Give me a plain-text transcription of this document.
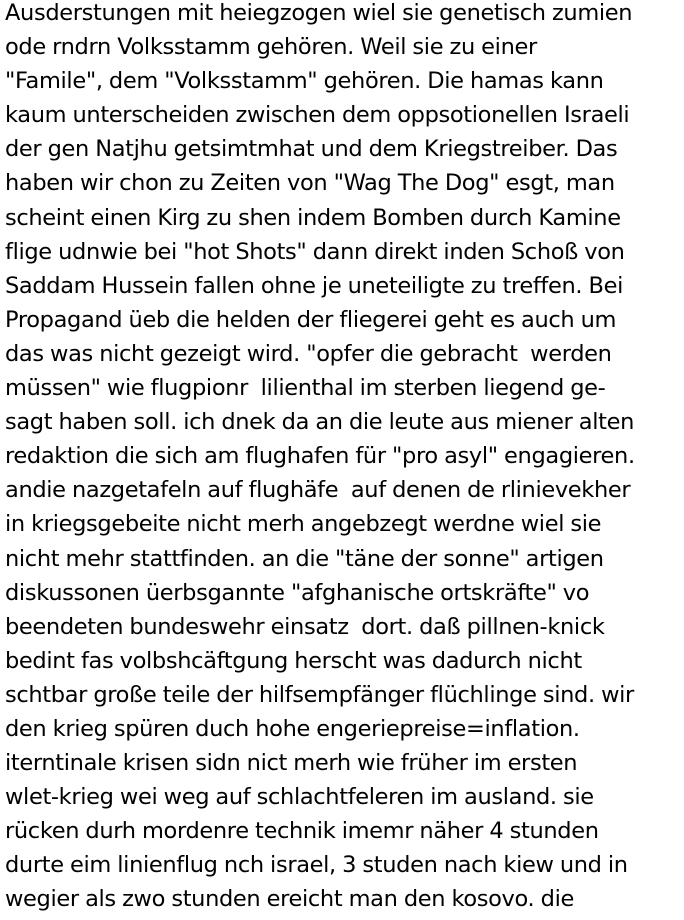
Ausderstungen mit heiegzogen wiel sie genetisch zumien
ode rndrn Volksstamm gehören. Weil sie zu einer
"Famile", dem "Volksstamm" gehören. Die hamas kann
kaum unterscheiden zwischen dem oppsotionellen Israeli
der gen Natjhu getsimtmhat und dem Kriegstreiber. Das
haben wir chon zu Zeiten von "Wag The Dog" esgt, man
scheint einen Kirg zu shen indem Bomben durch Kamine
flige udnwie bei "hot Shots" dann direkt inden Schoß von
Saddam Hussein fallen ohne je uneteiligte zu treffen. Bei
Propagand üeb die helden der fliegerei geht es auch um
das was nicht gezeigt wird. "opfer die gebracht  werden
müssen" wie flugpionr  lilienthal im sterben liegend ge-
sagt haben soll. ich dnek da an die leute aus miener alten
redaktion die sich am flughafen für "pro asyl" engagieren.
andie nazgetafeln auf flughäfe  auf denen de rlinievekher
in kriegsgebeite nicht merh angebzegt werdne wiel sie
nicht mehr stattfinden. an die "täne der sonne" artigen
diskussonen üerbsgannte "afghanische ortskräfte" vo
beendeten bundeswehr einsatz  dort. daß pillnen-knick
bedint fas volbshcäftgung herscht was dadurch nicht
schtbar große teile der hilfsempfänger flüchlinge sind. wir
den krieg spüren duch hohe engeriepreise=inflation.
iterntinale krisen sidn nict merh wie früher im ersten
wlet-krieg wei weg auf schlachtfeleren im ausland. sie
rücken durh mordenre technik imemr näher 4 stunden
durte eim linienflug nch israel, 3 studen nach kiew und in
wegier als zwo stunden ereicht man den kosovo. die
